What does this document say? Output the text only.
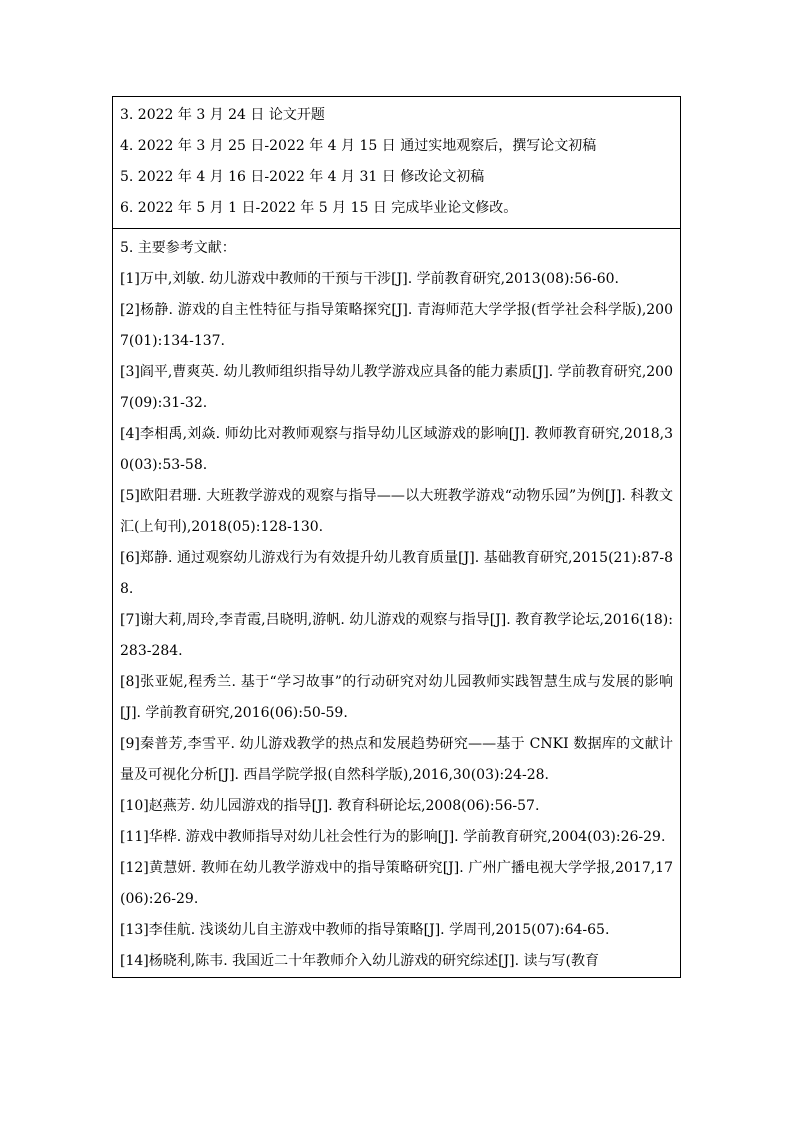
3. 2022 年 3 月 24 日 论文开题
4. 2022 年 3 月 25 日-2022 年 4 月 15 日 通过实地观察后，撰写论文初稿
5. 2022 年 4 月 16 日-2022 年 4 月 31 日 修改论文初稿
6. 2022 年 5 月 1 日-2022 年 5 月 15 日 完成毕业论文修改。
5. 主要参考文献：

[1]万中,刘敏. 幼儿游戏中教师的干预与干涉[J]. 学前教育研究,2013(08):56-60.

[2]杨静. 游戏的自主性特征与指导策略探究[J]. 青海师范大学学报(哲学社会科学版),2007(01):134-137.

[3]阎平,曹爽英. 幼儿教师组织指导幼儿教学游戏应具备的能力素质[J]. 学前教育研究,2007(09):31-32.

[4]李相禹,刘焱. 师幼比对教师观察与指导幼儿区域游戏的影响[J]. 教师教育研究,2018,30(03):53-58.

[5]欧阳君珊. 大班教学游戏的观察与指导——以大班教学游戏“动物乐园”为例[J]. 科教文汇(上旬刊),2018(05):128-130.

[6]郑静. 通过观察幼儿游戏行为有效提升幼儿教育质量[J]. 基础教育研究,2015(21):87-88.

[7]谢大莉,周玲,李青霞,吕晓明,游帆. 幼儿游戏的观察与指导[J]. 教育教学论坛,2016(18):283-284.

[8]张亚妮,程秀兰. 基于“学习故事”的行动研究对幼儿园教师实践智慧生成与发展的影响[J]. 学前教育研究,2016(06):50-59.

[9]秦普芳,李雪平. 幼儿游戏教学的热点和发展趋势研究——基于 CNKI 数据库的文献计量及可视化分析[J]. 西昌学院学报(自然科学版),2016,30(03):24-28.

[10]赵燕芳. 幼儿园游戏的指导[J]. 教育科研论坛,2008(06):56-57.

[11]华桦. 游戏中教师指导对幼儿社会性行为的影响[J]. 学前教育研究,2004(03):26-29.

[12]黄慧妍. 教师在幼儿教学游戏中的指导策略研究[J]. 广州广播电视大学学报,2017,17(06):26-29.

[13]李佳航. 浅谈幼儿自主游戏中教师的指导策略[J]. 学周刊,2015(07):64-65.

[14]杨晓利,陈韦. 我国近二十年教师介入幼儿游戏的研究综述[J]. 读与写(教育
